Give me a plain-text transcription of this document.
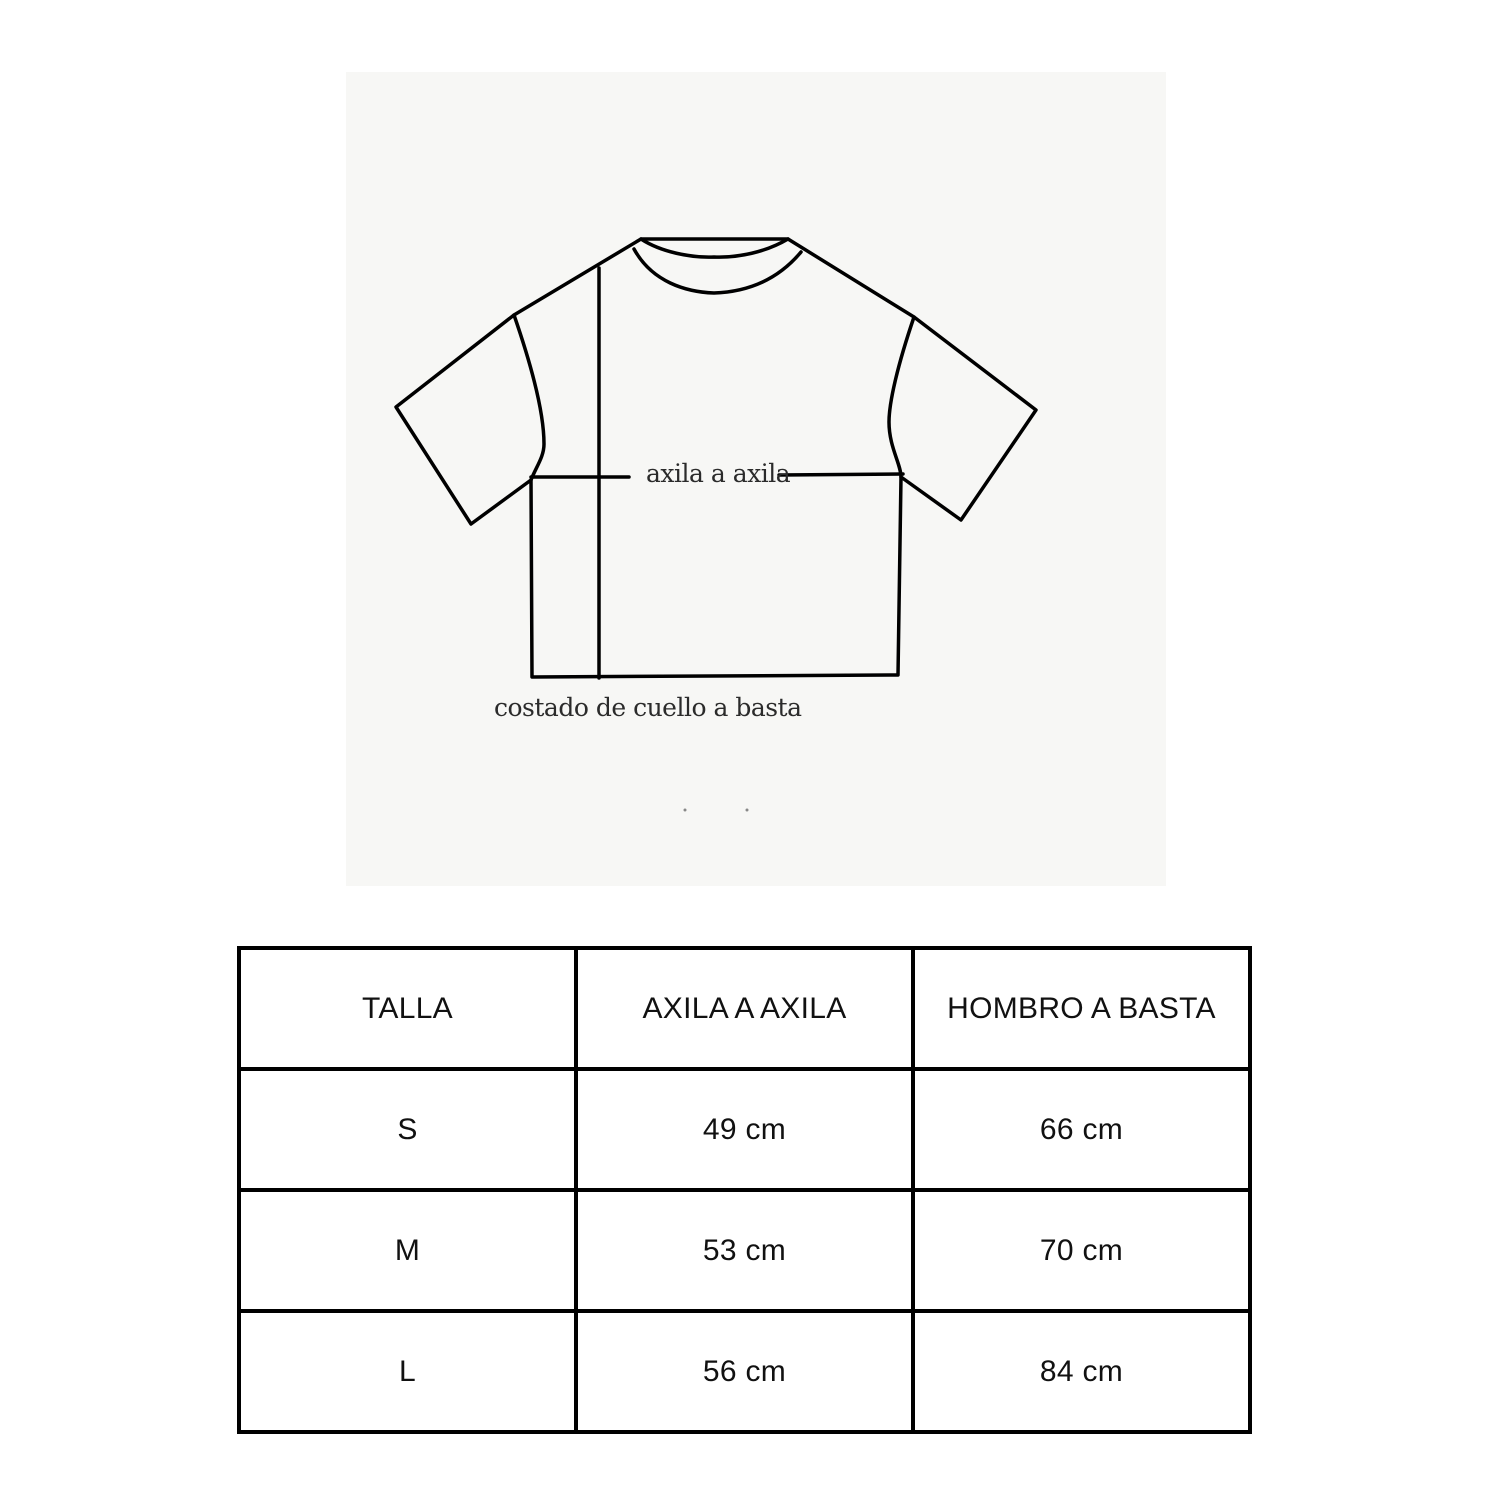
axila a axila
costado de cuello a basta
TALLA	AXILA A AXILA	HOMBRO A BASTA
S	49 cm	66 cm
M	53 cm	70 cm
L	56 cm	84 cm
